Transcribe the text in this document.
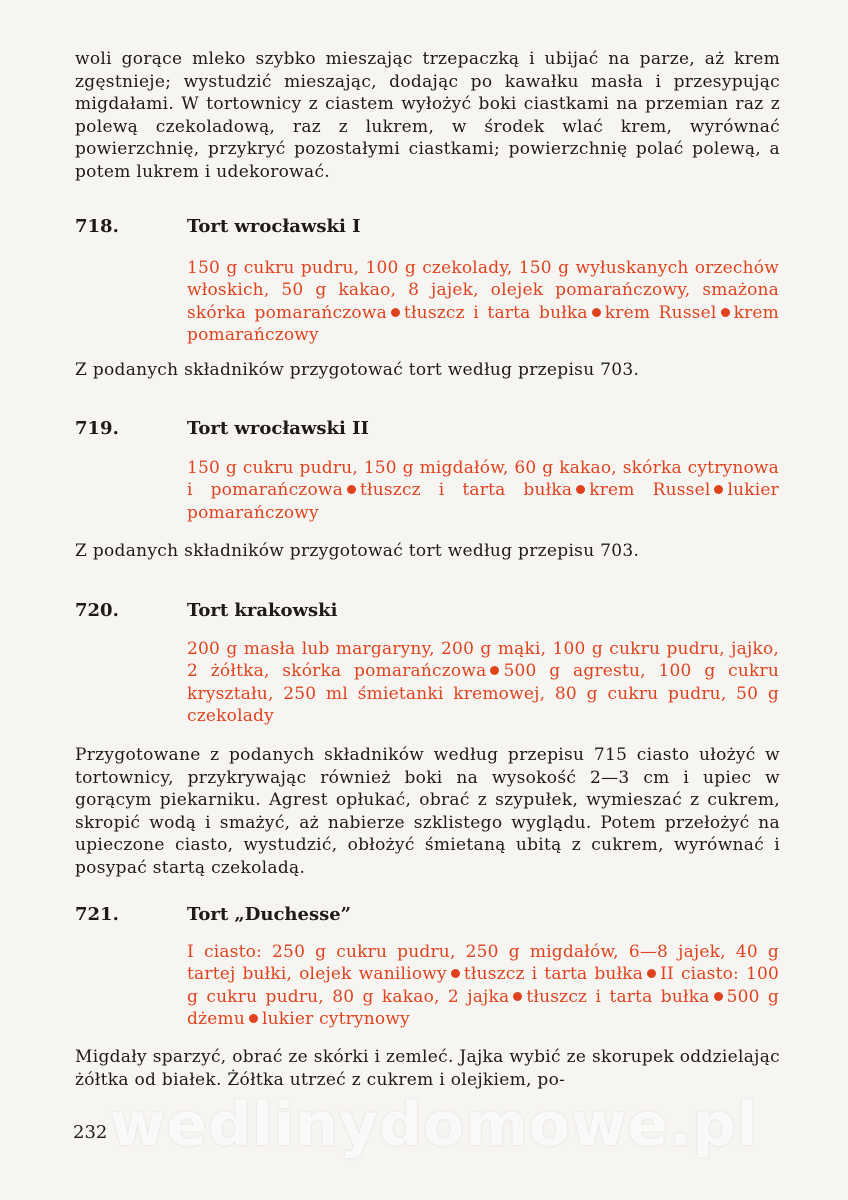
woli gorące mleko szybko mieszając trzepaczką i ubijać na parze, aż krem zgęstnieje; wystudzić mieszając, dodając po kawałku masła i przesypując migdałami. W tortownicy z ciastem wyłożyć boki ciastkami na przemian raz z polewą czekoladową, raz z lukrem, w środek wlać krem, wyrównać powierzchnię, przykryć pozostałymi ciastkami; powierzchnię polać polewą, a potem lukrem i udekorować.

718.	Tort wrocławski I

150 g cukru pudru, 100 g czekolady, 150 g wyłuskanych orzechów włoskich, 50 g kakao, 8 jajek, olejek pomarańczowy, smażona skórka pomarańczowa tłuszcz i tarta bułka krem Russel krem pomarańczowy

Z podanych składników przygotować tort według przepisu 703.

719.	Tort wrocławski II

150 g cukru pudru, 150 g migdałów, 60 g kakao, skórka cytrynowa i pomarańczowa tłuszcz i tarta bułka krem Russel lukier pomarańczowy

Z podanych składników przygotować tort według przepisu 703.

720.	Tort krakowski

200 g masła lub margaryny, 200 g mąki, 100 g cukru pudru, jajko, 2 żółtka, skórka pomarańczowa 500 g agrestu, 100 g cukru kryształu, 250 ml śmietanki kremowej, 80 g cukru pudru, 50 g czekolady

Przygotowane z podanych składników według przepisu 715 ciasto ułożyć w tortownicy, przykrywając również boki na wysokość 2—3 cm i upiec w gorącym piekarniku. Agrest opłukać, obrać z szypułek, wymieszać z cukrem, skropić wodą i smażyć, aż nabierze szklistego wyglądu. Potem przełożyć na upieczone ciasto, wystudzić, obłożyć śmietaną ubitą z cukrem, wyrównać i posypać startą czekoladą.

721.	Tort „Duchesse”

I ciasto: 250 g cukru pudru, 250 g migdałów, 6—8 jajek, 40 g tartej bułki, olejek waniliowy tłuszcz i tarta bułka II ciasto: 100 g cukru pudru, 80 g kakao, 2 jajka tłuszcz i tarta bułka 500 g dżemu lukier cytrynowy

Migdały sparzyć, obrać ze skórki i zemleć. Jajka wybić ze skorupek oddzielając żółtka od białek. Żółtka utrzeć z cukrem i olejkiem, po-

wedlinydomowe.pl
232
